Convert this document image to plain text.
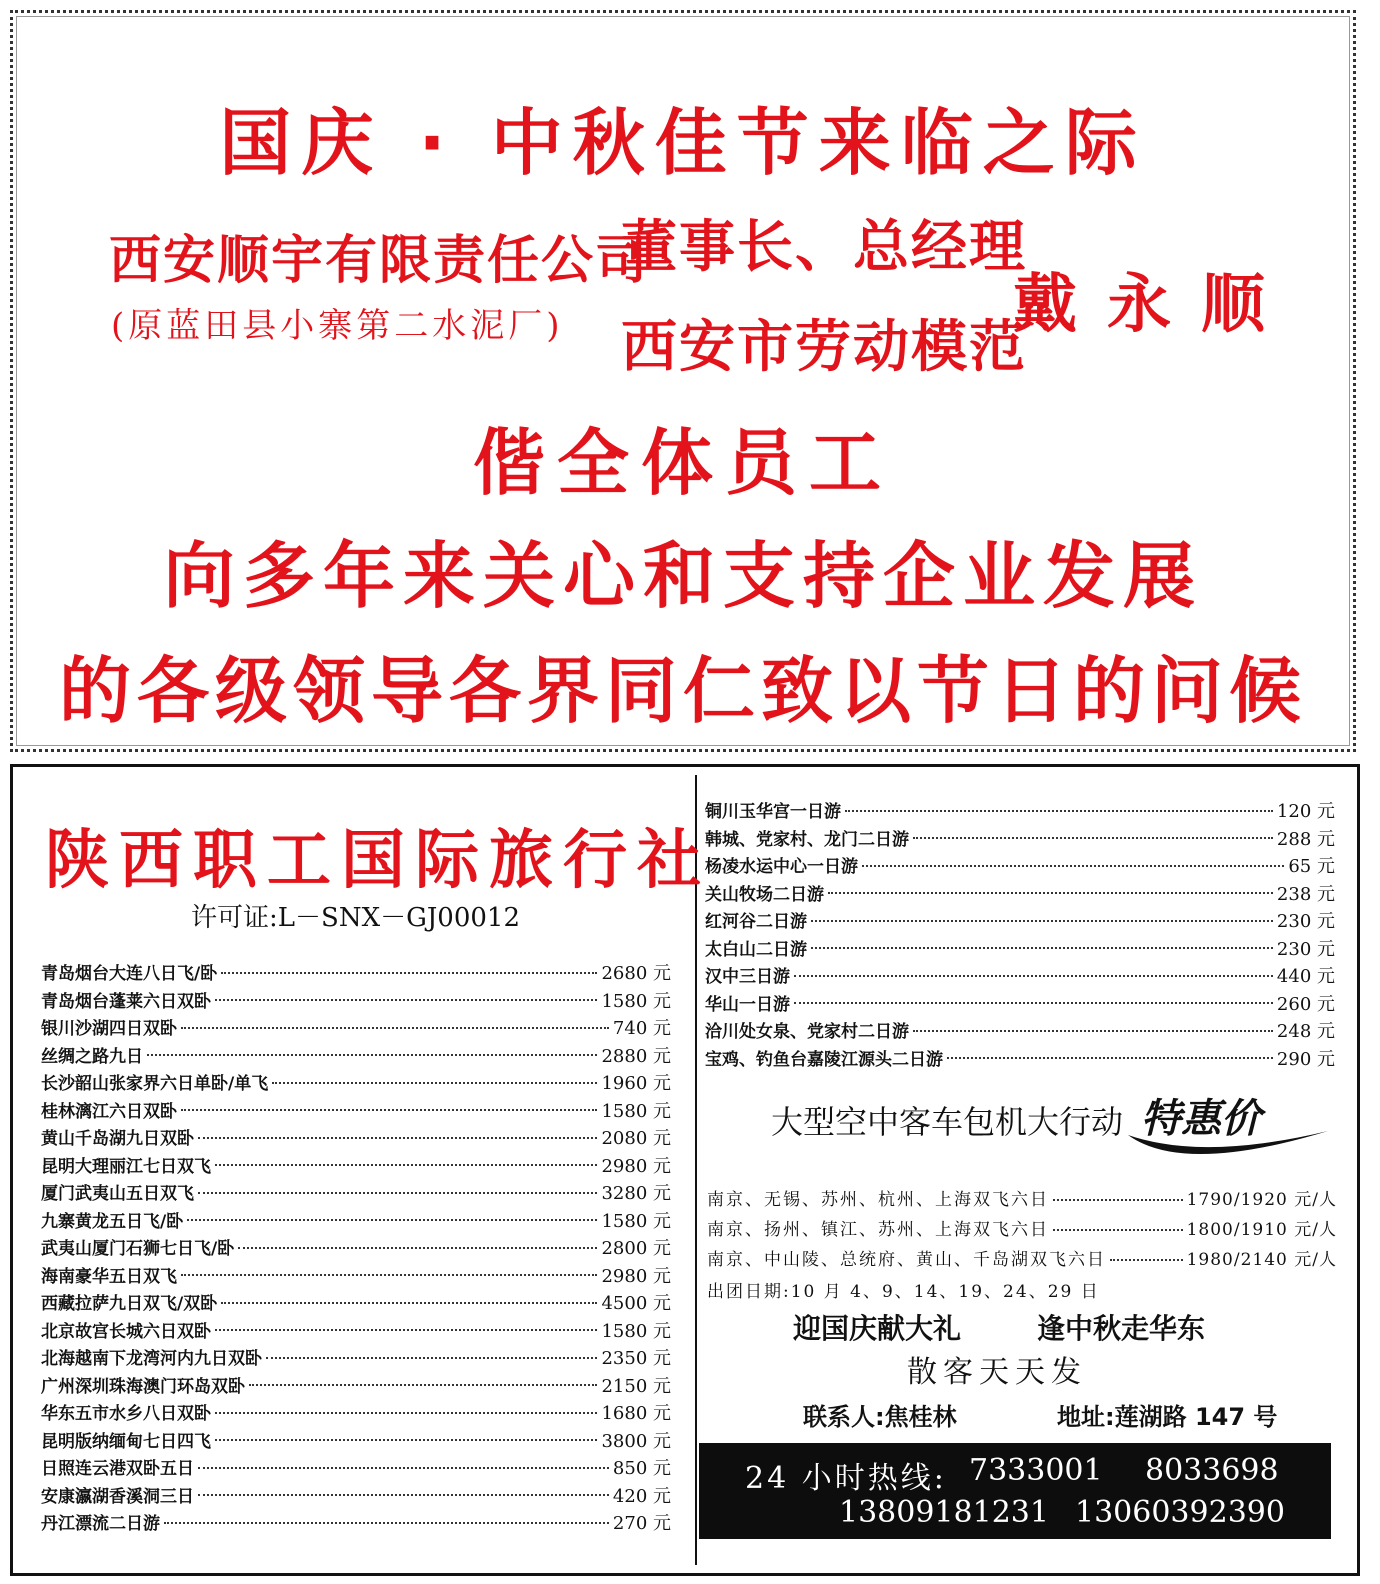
国庆 · 中秋佳节来临之际
西安顺宇有限责任公司
(原蓝田县小寨第二水泥厂)
董事长、总经理
西安市劳动模范
戴永顺
偕全体员工
向多年来关心和支持企业发展
的各级领导各界同仁致以节日的问候
陕西职工国际旅行社
许可证:L－SNX－GJ00012
青岛烟台大连八日飞/卧	2680 元
青岛烟台蓬莱六日双卧	1580 元
银川沙湖四日双卧	740 元
丝绸之路九日	2880 元
长沙韶山张家界六日单卧/单飞	1960 元
桂林漓江六日双卧	1580 元
黄山千岛湖九日双卧	2080 元
昆明大理丽江七日双飞	2980 元
厦门武夷山五日双飞	3280 元
九寨黄龙五日飞/卧	1580 元
武夷山厦门石狮七日飞/卧	2800 元
海南豪华五日双飞	2980 元
西藏拉萨九日双飞/双卧	4500 元
北京故宫长城六日双卧	1580 元
北海越南下龙湾河内九日双卧	2350 元
广州深圳珠海澳门环岛双卧	2150 元
华东五市水乡八日双卧	1680 元
昆明版纳缅甸七日四飞	3800 元
日照连云港双卧五日	850 元
安康瀛湖香溪洞三日	420 元
丹江漂流二日游	270 元
铜川玉华宫一日游	120 元
韩城、党家村、龙门二日游	288 元
杨凌水运中心一日游	65 元
关山牧场二日游	238 元
红河谷二日游	230 元
太白山二日游	230 元
汉中三日游	440 元
华山一日游	260 元
洽川处女泉、党家村二日游	248 元
宝鸡、钓鱼台嘉陵江源头二日游	290 元
大型空中客车包机大行动 特惠价
南京、无锡、苏州、杭州、上海双飞六日	1790/1920 元/人
南京、扬州、镇江、苏州、上海双飞六日	1800/1910 元/人
南京、中山陵、总统府、黄山、千岛湖双飞六日	1980/2140 元/人
出团日期:10 月 4、9、14、19、24、29 日
迎国庆献大礼	逢中秋走华东
散客天天发
联系人:焦桂林	地址:莲湖路 147 号
24 小时热线: 7333001 8033698
13809181231 13060392390
